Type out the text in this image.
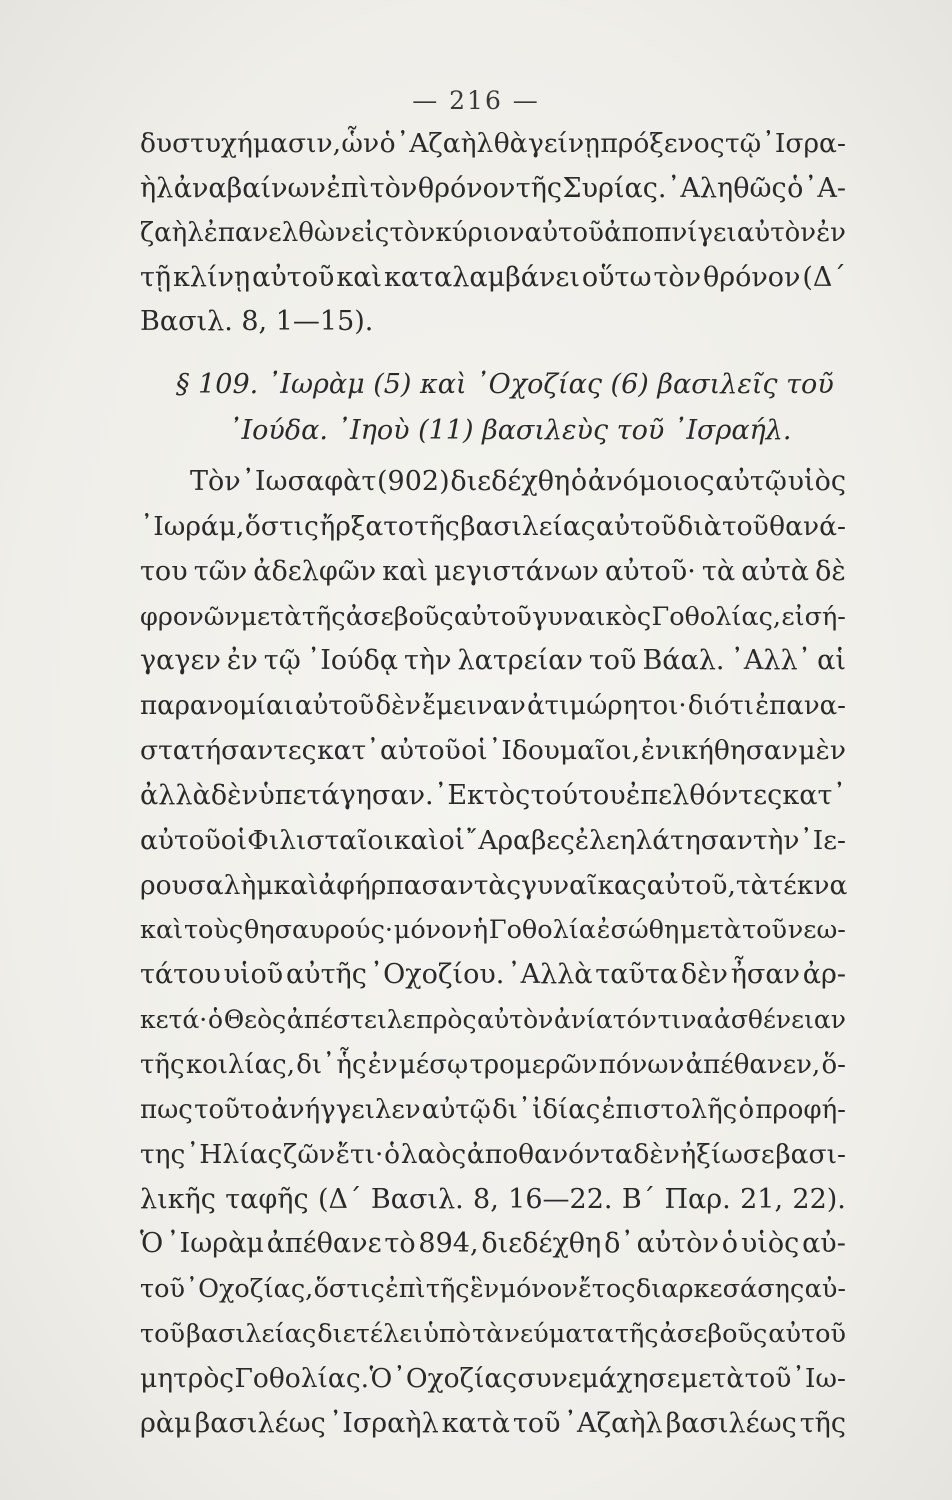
— 216 —
δυστυχήμασιν, ὧν ὁ ᾿Αζαὴλ θὰ γείνῃ πρόξενος τῷ ᾿Ισρα-
ὴλ ἀναβαίνων ἐπὶ τὸν θρόνον τῆς Συρίας. ᾿Αληθῶς ὁ ᾿Α-
ζαὴλ ἐπανελθὼν εἰς τὸν κύριον αὐτοῦ ἀποπνίγει αὐτὸν ἐν
τῇ κλίνῃ αὐτοῦ καὶ καταλαμβάνει οὕτω τὸν θρόνον (Δ´
Βασιλ. 8, 1—15).
§ 109. ᾿Ιωρὰμ (5) καὶ ᾿Οχοζίας (6) βασιλεῖς τοῦ
᾿Ιούδα. ᾿Ιηοὺ (11) βασιλεὺς τοῦ ᾿Ισραήλ.
Τὸν ᾿Ιωσαφὰτ (902) διεδέχθη ὁ ἀνόμοιος αὐτῷ υἱὸς
᾿Ιωράμ, ὅστις ἤρξατο τῆς βασιλείας αὐτοῦ διὰ τοῦ θανά-
του τῶν ἀδελφῶν καὶ μεγιστάνων αὐτοῦ· τὰ αὐτὰ δὲ
φρονῶν μετὰ τῆς ἀσεβοῦς αὐτοῦ γυναικὸς Γοθολίας, εἰσή-
γαγεν ἐν τῷ ᾿Ιούδᾳ τὴν λατρείαν τοῦ Βάαλ. ᾿Αλλ᾿ αἱ
παρανομίαι αὐτοῦ δὲν ἔμειναν ἀτιμώρητοι· διότι ἐπανα-
στατήσαντες κατ᾿ αὐτοῦ οἱ ᾿Ιδουμαῖοι, ἐνικήθησαν μὲν
ἀλλὰ δὲν ὑπετάγησαν. ᾿Εκτὸς τούτου ἐπελθόντες κατ᾿
αὐτοῦ οἱ Φιλισταῖοι καὶ οἱ ῎Αραβες ἐλεηλάτησαν τὴν ᾿Ιε-
ρουσαλὴμ καὶ ἀφήρπασαν τὰς γυναῖκας αὐτοῦ, τὰ τέκνα
καὶ τοὺς θησαυρούς· μόνον ἡ Γοθολία ἐσώθη μετὰ τοῦ νεω-
τάτου υἱοῦ αὐτῆς ᾿Οχοζίου. ᾿Αλλὰ ταῦτα δὲν ἦσαν ἀρ-
κετά· ὁ Θεὸς ἀπέστειλε πρὸς αὐτὸν ἀνίατόν τινα ἀσθένειαν
τῆς κοιλίας, δι᾿ ἧς ἐν μέσῳ τρομερῶν πόνων ἀπέθανεν, ὅ-
πως τοῦτο ἀνήγγειλεν αὐτῷ δι᾿ ἰδίας ἐπιστολῆς ὁ προφή-
της ᾿Ηλίας ζῶν ἔτι· ὁ λαὸς ἀποθανόντα δὲν ἠξίωσε βασι-
λικῆς ταφῆς (Δ´ Βασιλ. 8, 16—22. Β´ Παρ. 21, 22).
Ὁ ᾿Ιωρὰμ ἀπέθανε τὸ 894, διεδέχθη δ᾿ αὐτὸν ὁ υἱὸς αὐ-
τοῦ ᾿Οχοζίας, ὅστις ἐπὶ τῆς ἓν μόνον ἔτος διαρκεσάσης αὐ-
τοῦ βασιλείας διετέλει ὑπὸ τὰ νεύματα τῆς ἀσεβοῦς αὐτοῦ
μητρὸς Γοθολίας. Ὁ ᾿Οχοζίας συνεμάχησε μετὰ τοῦ ᾿Ιω-
ρὰμ βασιλέως ᾿Ισραὴλ κατὰ τοῦ ᾿Αζαὴλ βασιλέως τῆς
